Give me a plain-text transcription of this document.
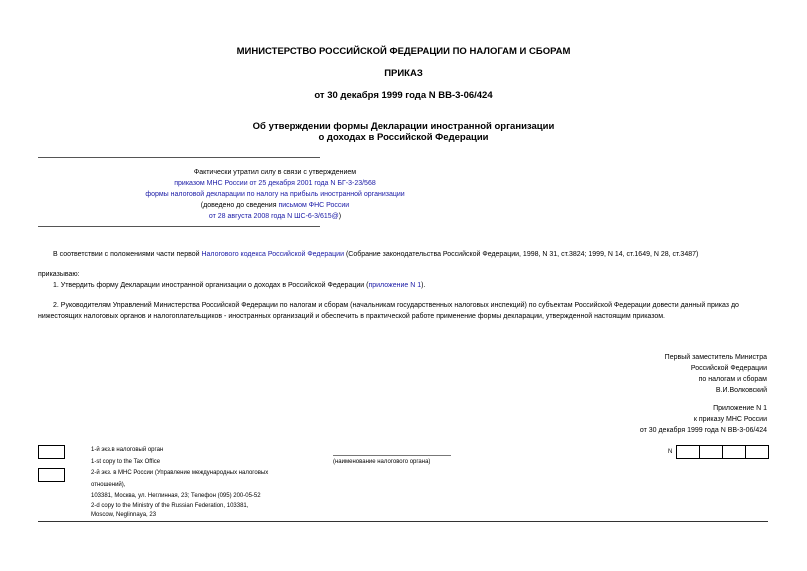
МИНИСТЕРСТВО РОССИЙСКОЙ ФЕДЕРАЦИИ ПО НАЛОГАМ И СБОРАМ
ПРИКАЗ
от 30 декабря 1999 года N ВВ-3-06/424
Об утверждении формы Декларации иностранной организации
о доходах в Российской Федерации
Фактически утратил силу в связи с утверждением
приказом МНС России от 25 декабря 2001 года N БГ-3-23/568
формы налоговой декларации по налогу на прибыль иностранной организации
(доведено до сведения письмом ФНС России
от 28 августа 2008 года N ШС-6-3/615@)
В соответствии с положениями части первой Налогового кодекса Российской Федерации (Собрание законодательства Российской Федерации, 1998, N 31, ст.3824; 1999, N 14, ст.1649, N 28, ст.3487)
приказываю:
1. Утвердить форму Декларации иностранной организации о доходах в Российской Федерации (приложение N 1).
2. Руководителям Управлений Министерства Российской Федерации по налогам и сборам (начальникам государственных налоговых инспекций) по субъектам Российской Федерации довести данный приказ до
нижестоящих налоговых органов и налогоплательщиков - иностранных организаций и обеспечить в практической работе применение формы декларации, утвержденной настоящим приказом.
Первый заместитель Министра
Российской Федерации
по налогам и сборам
В.И.Волковский
Приложение N 1
к приказу МНС России
от 30 декабря 1999 года N ВВ-3-06/424
1-й экз.в налоговый орган
1-st copy to the Tax Office
2-й экз. в МНС России (Управление международных налоговых
отношений),
103381, Москва, ул. Неглинная, 23; Телефон (095) 200-05-52
2-d copy to the Ministry of the Russian Federation, 103381,
Moscow, Neglinnaya, 23
(наименование налогового органа)
N
